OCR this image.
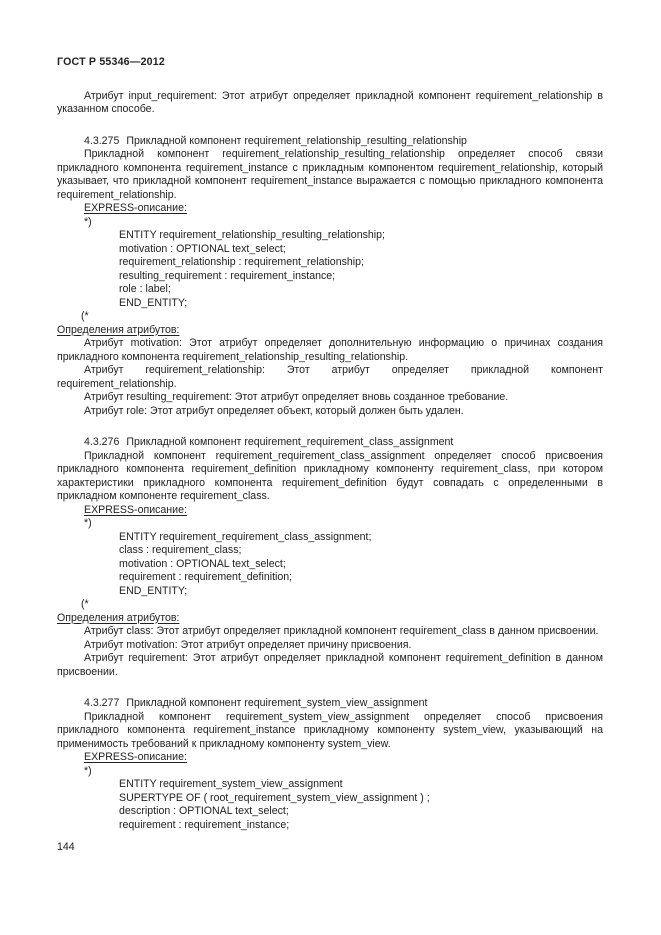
ГОСТ Р 55346—2012
Атрибут input_requirement: Этот атрибут определяет прикладной компонент requirement_relationship в указанном способе.
4.3.275 Прикладной компонент requirement_relationship_resulting_relationship
Прикладной компонент requirement_relationship_resulting_relationship определяет способ связи прикладного компонента requirement_instance с прикладным компонентом requirement_relationship, который указывает, что прикладной компонент requirement_instance выражается с помощью прикладного компонента requirement_relationship.
EXPRESS-описание:
*)
ENTITY requirement_relationship_resulting_relationship;
motivation : OPTIONAL text_select;
requirement_relationship : requirement_relationship;
resulting_requirement : requirement_instance;
role : label;
END_ENTITY;
(*
Определения атрибутов:
Атрибут motivation: Этот атрибут определяет дополнительную информацию о причинах создания прикладного компонента requirement_relationship_resulting_relationship.
Атрибут requirement_relationship: Этот атрибут определяет прикладной компонент requirement_relationship.
Атрибут resulting_requirement: Этот атрибут определяет вновь созданное требование.
Атрибут role: Этот атрибут определяет объект, который должен быть удален.
4.3.276 Прикладной компонент requirement_requirement_class_assignment
Прикладной компонент requirement_requirement_class_assignment определяет способ присвоения прикладного компонента requirement_definition прикладному компоненту requirement_class, при котором характеристики прикладного компонента requirement_definition будут совпадать с определенными в прикладном компоненте requirement_class.
EXPRESS-описание:
*)
ENTITY requirement_requirement_class_assignment;
class : requirement_class;
motivation : OPTIONAL text_select;
requirement : requirement_definition;
END_ENTITY;
(*
Определения атрибутов:
Атрибут class: Этот атрибут определяет прикладной компонент requirement_class в данном присвоении.
Атрибут motivation: Этот атрибут определяет причину присвоения.
Атрибут requirement: Этот атрибут определяет прикладной компонент requirement_definition в данном присвоении.
4.3.277 Прикладной компонент requirement_system_view_assignment
Прикладной компонент requirement_system_view_assignment определяет способ присвоения прикладного компонента requirement_instance прикладному компоненту system_view, указывающий на применимость требований к прикладному компоненту system_view.
EXPRESS-описание:
*)
ENTITY requirement_system_view_assignment
SUPERTYPE OF ( root_requirement_system_view_assignment ) ;
description : OPTIONAL text_select;
requirement : requirement_instance;
144
